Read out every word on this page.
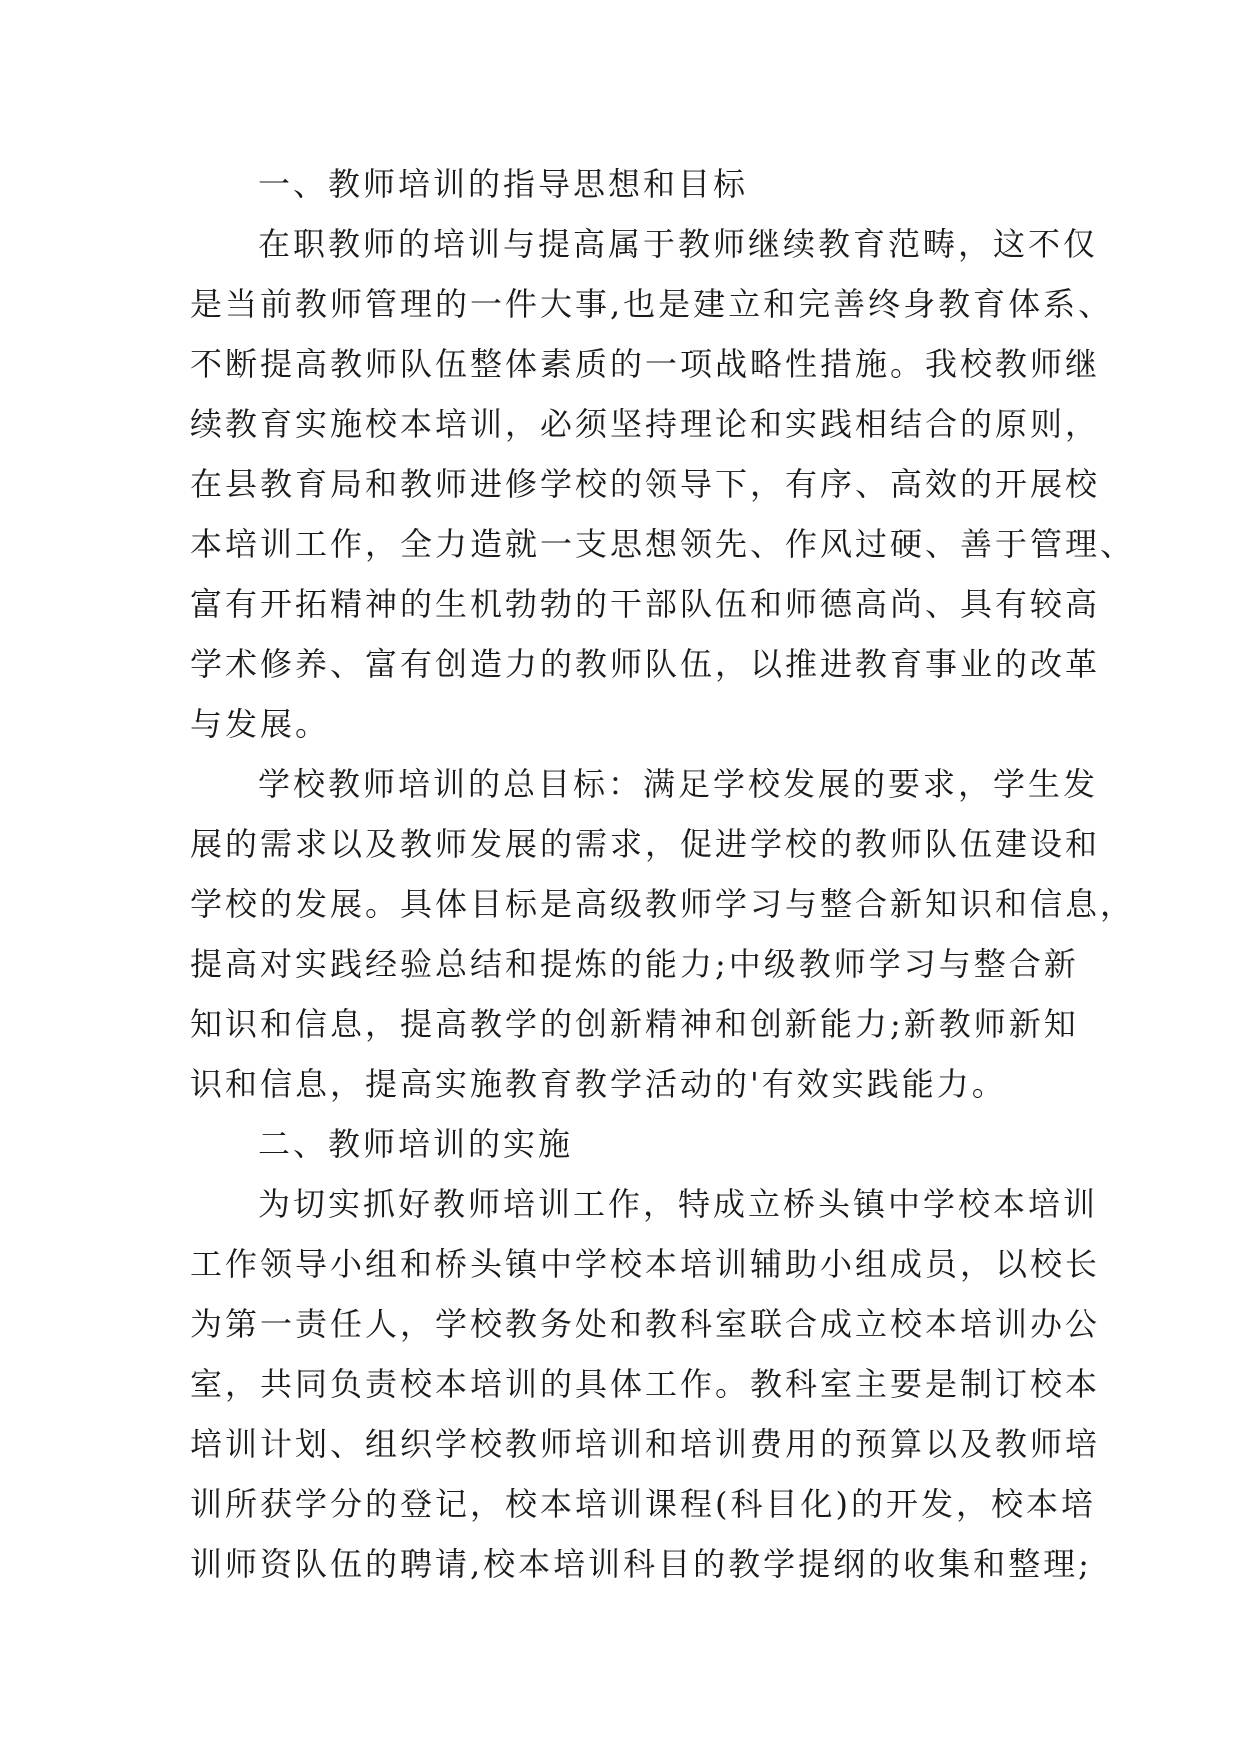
一、教师培训的指导思想和目标
在职教师的培训与提高属于教师继续教育范畴，这不仅
是当前教师管理的一件大事,也是建立和完善终身教育体系、
不断提高教师队伍整体素质的一项战略性措施。我校教师继
续教育实施校本培训，必须坚持理论和实践相结合的原则，
在县教育局和教师进修学校的领导下，有序、高效的开展校
本培训工作，全力造就一支思想领先、作风过硬、善于管理、
富有开拓精神的生机勃勃的干部队伍和师德高尚、具有较高
学术修养、富有创造力的教师队伍，以推进教育事业的改革
与发展。
学校教师培训的总目标：满足学校发展的要求，学生发
展的需求以及教师发展的需求，促进学校的教师队伍建设和
学校的发展。具体目标是高级教师学习与整合新知识和信息，
提高对实践经验总结和提炼的能力;中级教师学习与整合新
知识和信息，提高教学的创新精神和创新能力;新教师新知
识和信息，提高实施教育教学活动的'有效实践能力。
二、教师培训的实施
为切实抓好教师培训工作，特成立桥头镇中学校本培训
工作领导小组和桥头镇中学校本培训辅助小组成员，以校长
为第一责任人，学校教务处和教科室联合成立校本培训办公
室，共同负责校本培训的具体工作。教科室主要是制订校本
培训计划、组织学校教师培训和培训费用的预算以及教师培
训所获学分的登记，校本培训课程(科目化)的开发，校本培
训师资队伍的聘请,校本培训科目的教学提纲的收集和整理;
